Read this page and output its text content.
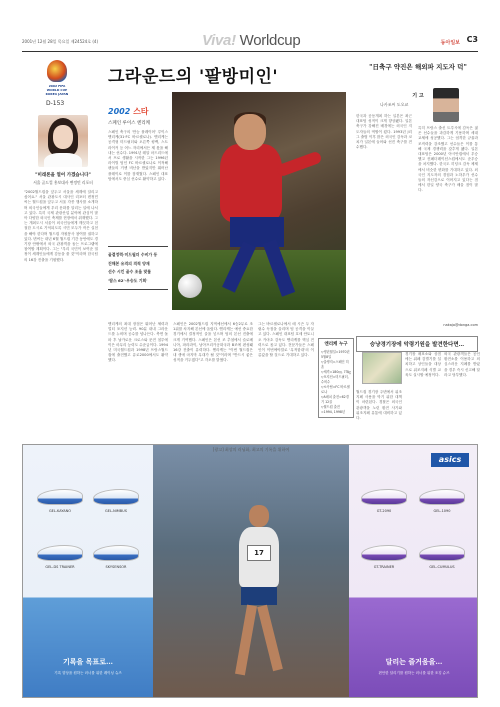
2001년 12월 28일 목요일 제24524호 (4)	Viva! Worldcup	동아일보 C3
2002 FIFA WORLD CUP KOREA JAPAN
D-153
"미래론을 열어 가겠습니다"
서울 골드컵 홍보대사 변정민 리포터
"2002월드컵을 앞두고 서울을 세계에 알리고 싶어요." 서울 관광도시 대사인 리포터 변정민씨는 월드컵을 앞두고 서울 각종 행사를 소개하며 외국인들에게 우리 문화를 알리는 일에 나서고 있다. 특히 국제 관광산업 분야에 관심이 많아 다양한 외국인 축제를 현장에서 취재했다. 그는 개최도시 서울이 외국인들에게 깨끗하고 친절한 도시로 기억되도록 시민 모두가 작은 실천을 해야 한다며 월드컵 자원봉사 참여를 권하고 있다. 변씨는 내년 6월 월드컵 기간 동안에도 경기장 안팎에서 외국 관광객을 돕는 프로그램에 참여할 계획이다. 그는 "우리 국민이 보여준 열정이 세계인들에게 감동을 줄 것"이라며 한국팀의 16강 진출을 기원했다.
그라운드의 '팔방미인'
2002 스타
스페인 루이스 엔리케
스페인 축구의 '만능 플레이어' 루이스 엔리케(31·FC 바르셀로나). 엔리케는 공격형 미드필더와 오른쪽 윙백, 스트라이커 등 어느 자리에서든 제 몫을 해내는 선수다. 1991년 레알 마드리드에서 프로 생활을 시작한 그는 1996년 라이벌 팀인 FC 바르셀로나로 이적해 팬들의 거센 비난을 받았지만 뛰어난 플레이로 이를 잠재웠다. 스페인 대표팀에서도 중심 선수로 활약하고 있다.
골결정력·미드필더 수비가 동
진해본 유격의 격적 양재
선수 시킨 골수 조율 맞물
'탐스 62'·우승도 기회'
엔리케의 최대 장점은 뛰어난 체력과 멀티 포지션 능력. 90분 내내 그라운드를 누비며 공수를 넘나든다. 측면 돌파 후 날카로운 크로스와 문전 침투에 이은 마무리 능력도 수준급이다. 1994년 미국월드컵과 1998년 프랑스월드컵에 출전했고 유로2000에서도 활약했다.
스페인은 2002월드컵 지역예선에서 6승2무로 조 1위를 차지해 본선에 올랐다. 엔리케는 예선 중요한 경기에서 결정적인 골을 넣으며 팀의 본선 진출에 크게 기여했다. 스페인은 본선 조 추첨에서 슬로베니아, 파라과이, 남아프리카공화국과 B조에 편성돼 16강 진출이 유력하다. 엔리케는 "이번 월드컵은 내 생애 마지막 무대가 될 것"이라며 "반드시 좋은 성적을 거두겠다"고 각오를 밝혔다.
그는 바르셀로나에서 매 시즌 두 자릿수 득점을 올리며 팀 공격을 이끌고 있다. 스페인 대표팀 호세 안토니오 카마초 감독도 엔리케를 핵심 전력으로 꼽고 있다. 전문가들은 스페인이 이번에야말로 '무적함대'의 이름값을 할 것으로 기대하고 있다.
엔리케 누구
▽생년월일=1970년 5월8일
▽출생지=스페인 히혼
▽체격=180㎝, 73㎏
▽포지션=미드필더, 수비수
▽소속팀=FC 바르셀로나
▽A매치 출전=62경기 12골
▽월드컵 출전=1994, 1998년
"日축구 약진은 해외파 지도자 덕"
기 고
나카조씨 도오쿄
한국과 공동개최 하는 일본은 최근 대표팀 성적이 크게 향상됐다. 일본 축구가 강해진 배경에는 외국인 지도자들의 역할이 컸다. 1993년 J리그 출범 이후 많은 외국인 감독과 코치가 일본에 들어와 선진 축구를 전수했다.
특히 프랑스 출신 트루시에 감독은 젊은 선수들을 과감하게 기용하며 세대교체에 성공했다. 그는 엄격한 규율과 조직력을 강조했고 선수들은 이를 통해 국제 경쟁력을 갖추게 됐다. 일본 대표팀은 2000년 아시안컵에서 우승했고 컨페더레이션스컵에서도 준우승을 차지했다. 한국도 히딩크 감독 체제에서 비슷한 변화를 기대하고 있다. 외국인 지도자의 경험과 노하우가 선수들의 자신감으로 이어지고 있다는 점에서 한일 양국 축구가 배울 점이 많다.
nakajo@donga.com
승냥경기장에 악령기원을 발견한다면…
경기장 매표소와 상점에는 위폐 감별기를 설치하고 상인들을 대상으로 위조지폐 식별 교육도 실시할 예정이다.
외국 관광객들은 공인 환전소를 이용하고 의심스러운 지폐를 받았을 경우 즉시 신고해 달라고 당부했다.
월드컵 경기장 주변에서 위조지폐 사용을 막기 위한 대책이 마련된다. 경찰은 외국인 관광객을 노린 환전 사기와 위조지폐 유통에 대비하고 있다.
[광고] 최상의 러닝화, 최고의 기록을 위하여
asics
17
GEL-KAYANO	GEL-NIMBUS
GEL-DS TRAINER	SKYSENSOR
GT-2090	GEL-1090
GT-TRAINER	GEL-CUMULUS
기록을 목표로…
기록 향상을 원하는 러너를 위한 레이싱 슈즈
달리는 즐거움을…
편안한 달리기를 원하는 러너를 위한 조깅 슈즈
